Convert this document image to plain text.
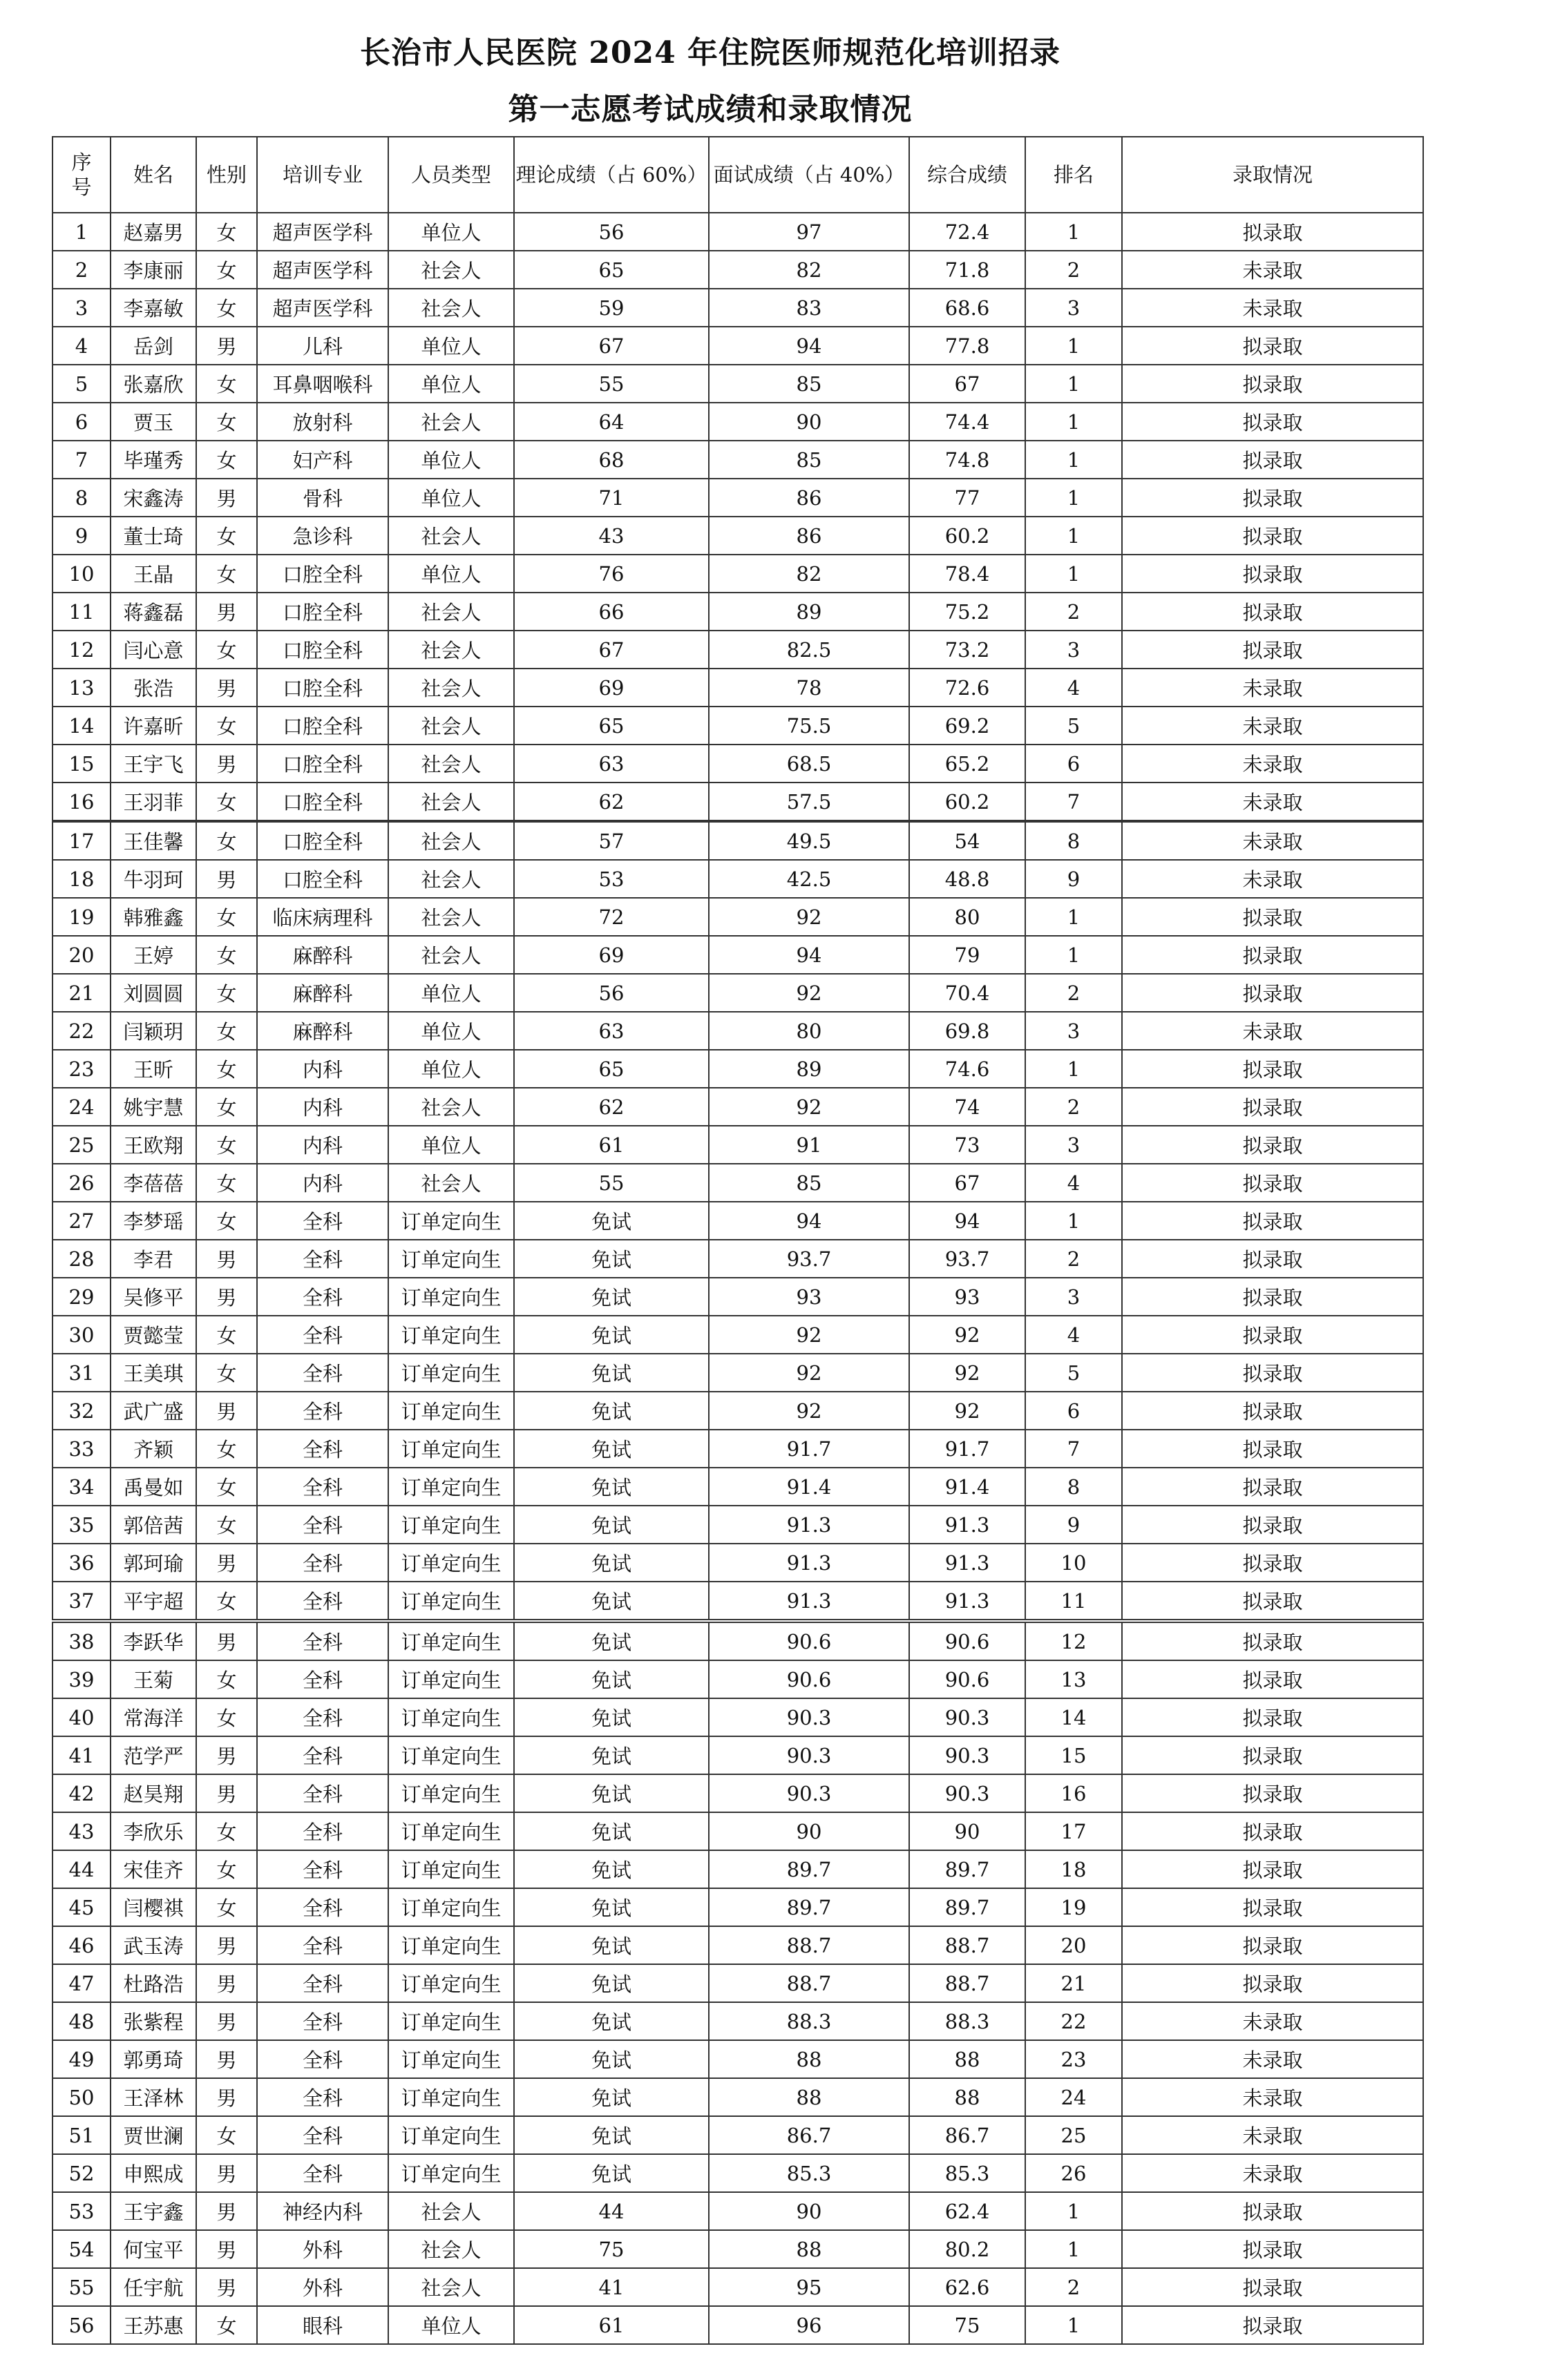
长治市人民医院 2024 年住院医师规范化培训招录
第一志愿考试成绩和录取情况
序号	姓名	性别	培训专业	人员类型	理论成绩（占 60%）	面试成绩（占 40%）	综合成绩	排名	录取情况
1	赵嘉男	女	超声医学科	单位人	56	97	72.4	1	拟录取
2	李康丽	女	超声医学科	社会人	65	82	71.8	2	未录取
3	李嘉敏	女	超声医学科	社会人	59	83	68.6	3	未录取
4	岳剑	男	儿科	单位人	67	94	77.8	1	拟录取
5	张嘉欣	女	耳鼻咽喉科	单位人	55	85	67	1	拟录取
6	贾玉	女	放射科	社会人	64	90	74.4	1	拟录取
7	毕瑾秀	女	妇产科	单位人	68	85	74.8	1	拟录取
8	宋鑫涛	男	骨科	单位人	71	86	77	1	拟录取
9	董士琦	女	急诊科	社会人	43	86	60.2	1	拟录取
10	王晶	女	口腔全科	单位人	76	82	78.4	1	拟录取
11	蒋鑫磊	男	口腔全科	社会人	66	89	75.2	2	拟录取
12	闫心意	女	口腔全科	社会人	67	82.5	73.2	3	拟录取
13	张浩	男	口腔全科	社会人	69	78	72.6	4	未录取
14	许嘉昕	女	口腔全科	社会人	65	75.5	69.2	5	未录取
15	王宇飞	男	口腔全科	社会人	63	68.5	65.2	6	未录取
16	王羽菲	女	口腔全科	社会人	62	57.5	60.2	7	未录取
17	王佳馨	女	口腔全科	社会人	57	49.5	54	8	未录取
18	牛羽珂	男	口腔全科	社会人	53	42.5	48.8	9	未录取
19	韩雅鑫	女	临床病理科	社会人	72	92	80	1	拟录取
20	王婷	女	麻醉科	社会人	69	94	79	1	拟录取
21	刘圆圆	女	麻醉科	单位人	56	92	70.4	2	拟录取
22	闫颖玥	女	麻醉科	单位人	63	80	69.8	3	未录取
23	王昕	女	内科	单位人	65	89	74.6	1	拟录取
24	姚宇慧	女	内科	社会人	62	92	74	2	拟录取
25	王欧翔	女	内科	单位人	61	91	73	3	拟录取
26	李蓓蓓	女	内科	社会人	55	85	67	4	拟录取
27	李梦瑶	女	全科	订单定向生	免试	94	94	1	拟录取
28	李君	男	全科	订单定向生	免试	93.7	93.7	2	拟录取
29	吴修平	男	全科	订单定向生	免试	93	93	3	拟录取
30	贾懿莹	女	全科	订单定向生	免试	92	92	4	拟录取
31	王美琪	女	全科	订单定向生	免试	92	92	5	拟录取
32	武广盛	男	全科	订单定向生	免试	92	92	6	拟录取
33	齐颖	女	全科	订单定向生	免试	91.7	91.7	7	拟录取
34	禹曼如	女	全科	订单定向生	免试	91.4	91.4	8	拟录取
35	郭倍茜	女	全科	订单定向生	免试	91.3	91.3	9	拟录取
36	郭珂瑜	男	全科	订单定向生	免试	91.3	91.3	10	拟录取
37	平宇超	女	全科	订单定向生	免试	91.3	91.3	11	拟录取
38	李跃华	男	全科	订单定向生	免试	90.6	90.6	12	拟录取
39	王菊	女	全科	订单定向生	免试	90.6	90.6	13	拟录取
40	常海洋	女	全科	订单定向生	免试	90.3	90.3	14	拟录取
41	范学严	男	全科	订单定向生	免试	90.3	90.3	15	拟录取
42	赵昊翔	男	全科	订单定向生	免试	90.3	90.3	16	拟录取
43	李欣乐	女	全科	订单定向生	免试	90	90	17	拟录取
44	宋佳齐	女	全科	订单定向生	免试	89.7	89.7	18	拟录取
45	闫樱祺	女	全科	订单定向生	免试	89.7	89.7	19	拟录取
46	武玉涛	男	全科	订单定向生	免试	88.7	88.7	20	拟录取
47	杜路浩	男	全科	订单定向生	免试	88.7	88.7	21	拟录取
48	张紫程	男	全科	订单定向生	免试	88.3	88.3	22	未录取
49	郭勇琦	男	全科	订单定向生	免试	88	88	23	未录取
50	王泽林	男	全科	订单定向生	免试	88	88	24	未录取
51	贾世澜	女	全科	订单定向生	免试	86.7	86.7	25	未录取
52	申熙成	男	全科	订单定向生	免试	85.3	85.3	26	未录取
53	王宇鑫	男	神经内科	社会人	44	90	62.4	1	拟录取
54	何宝平	男	外科	社会人	75	88	80.2	1	拟录取
55	任宇航	男	外科	社会人	41	95	62.6	2	拟录取
56	王苏惠	女	眼科	单位人	61	96	75	1	拟录取
